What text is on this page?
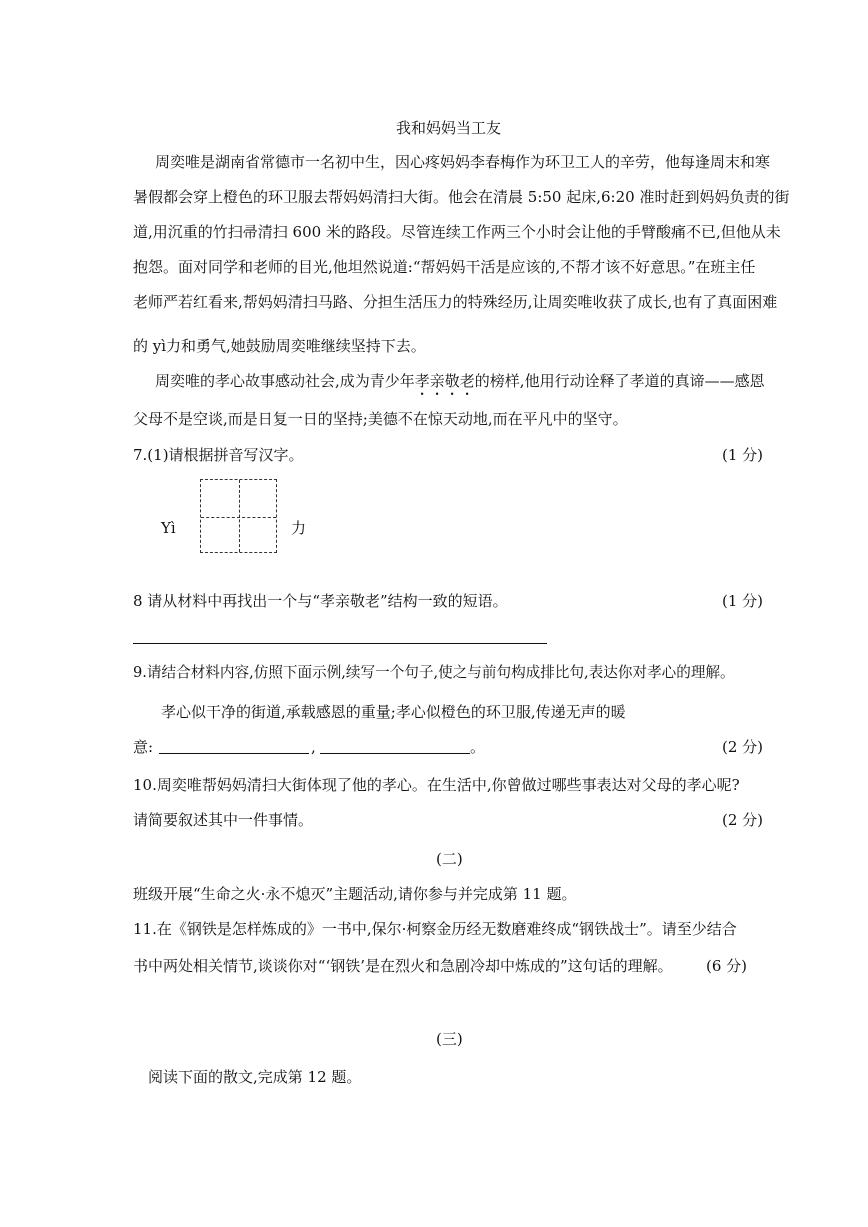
我和妈妈当工友
周奕唯是湖南省常德市一名初中生，因心疼妈妈李春梅作为环卫工人的辛劳，他每逢周末和寒
暑假都会穿上橙色的环卫服去帮妈妈清扫大街。他会在清晨 5:50 起床,6:20 准时赶到妈妈负责的街
道,用沉重的竹扫帚清扫 600 米的路段。尽管连续工作两三个小时会让他的手臂酸痛不已,但他从未
抱怨。面对同学和老师的目光,他坦然说道:“帮妈妈干活是应该的,不帮才该不好意思。”在班主任
老师严若红看来,帮妈妈清扫马路、分担生活压力的特殊经历,让周奕唯收获了成长,也有了真面困难
的 yì力和勇气,她鼓励周奕唯继续坚持下去。
周奕唯的孝心故事感动社会,成为青少年孝亲敬老的榜样,他用行动诠释了孝道的真谛——感恩
父母不是空谈,而是日复一日的坚持;美德不在惊天动地,而在平凡中的坚守。
7.(1)请根据拼音写汉字。	(1 分)
Yì	力
8 请从材料中再找出一个与“孝亲敬老”结构一致的短语。	(1 分)
9.请结合材料内容,仿照下面示例,续写一个句子,使之与前句构成排比句,表达你对孝心的理解。
孝心似干净的街道,承载感恩的重量;孝心似橙色的环卫服,传递无声的暖
意:	,	。	(2 分)
10.周奕唯帮妈妈清扫大街体现了他的孝心。在生活中,你曾做过哪些事表达对父母的孝心呢?
请简要叙述其中一件事情。	(2 分)
(二)
班级开展“生命之火·永不熄灭”主题活动,请你参与并完成第 11 题。
11.在《钢铁是怎样炼成的》一书中,保尔·柯察金历经无数磨难终成“钢铁战士”。请至少结合
书中两处相关情节,谈谈你对“‘钢铁’是在烈火和急剧冷却中炼成的”这句话的理解。 (6 分)
(三)
阅读下面的散文,完成第 12 题。
